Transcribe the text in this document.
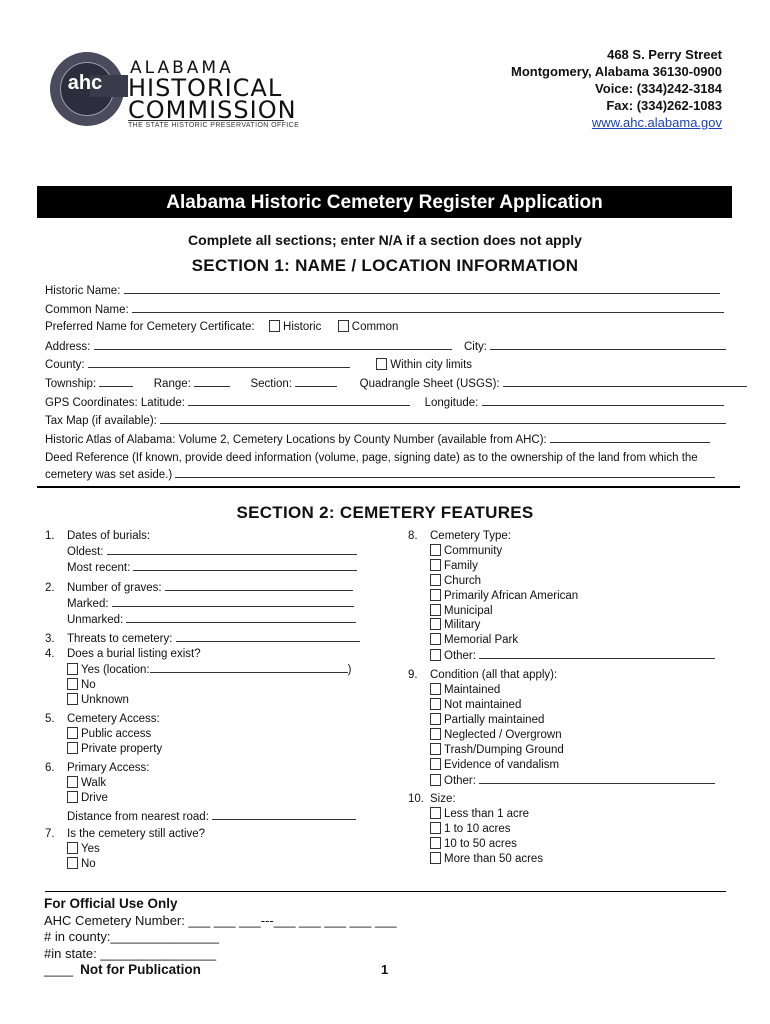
ahc
ALABAMA
HISTORICAL
COMMISSION
THE STATE HISTORIC PRESERVATION OFFICE
468 S. Perry Street
Montgomery, Alabama 36130-0900
Voice: (334)242-3184
Fax: (334)262-1083
www.ahc.alabama.gov
Alabama Historic Cemetery Register Application
Complete all sections; enter N/A if a section does not apply
SECTION 1: NAME / LOCATION INFORMATION
Historic Name:
Common Name:
Preferred Name for Cemetery Certificate: Historic	Common
Address:	City:
County:	Within city limits
Township:	Range:	Section:	Quadrangle Sheet (USGS):
GPS Coordinates: Latitude:	Longitude:
Tax Map (if available):
Historic Atlas of Alabama: Volume 2, Cemetery Locations by County Number (available from AHC):
Deed Reference (If known, provide deed information (volume, page, signing date) as to the ownership of the land from which the
cemetery was set aside.)
SECTION 2: CEMETERY FEATURES
1. Dates of burials:
Oldest:
Most recent:
2. Number of graves:
Marked:
Unmarked:
3. Threats to cemetery:
4. Does a burial listing exist?
Yes (location:	)
No
Unknown
5. Cemetery Access:
Public access
Private property
6. Primary Access:
Walk
Drive
Distance from nearest road:
7. Is the cemetery still active?
Yes
No
8. Cemetery Type:
Community
Family
Church
Primarily African American
Municipal
Military
Memorial Park
Other:
9. Condition (all that apply):
Maintained
Not maintained
Partially maintained
Neglected / Overgrown
Trash/Dumping Ground
Evidence of vandalism
Other:
10. Size:
Less than 1 acre
1 to 10 acres
10 to 50 acres
More than 50 acres
For Official Use Only
AHC Cemetery Number: ___ ___ ___---___ ___ ___ ___ ___
# in county:_______________
#in state: ________________
____ Not for Publication	1
